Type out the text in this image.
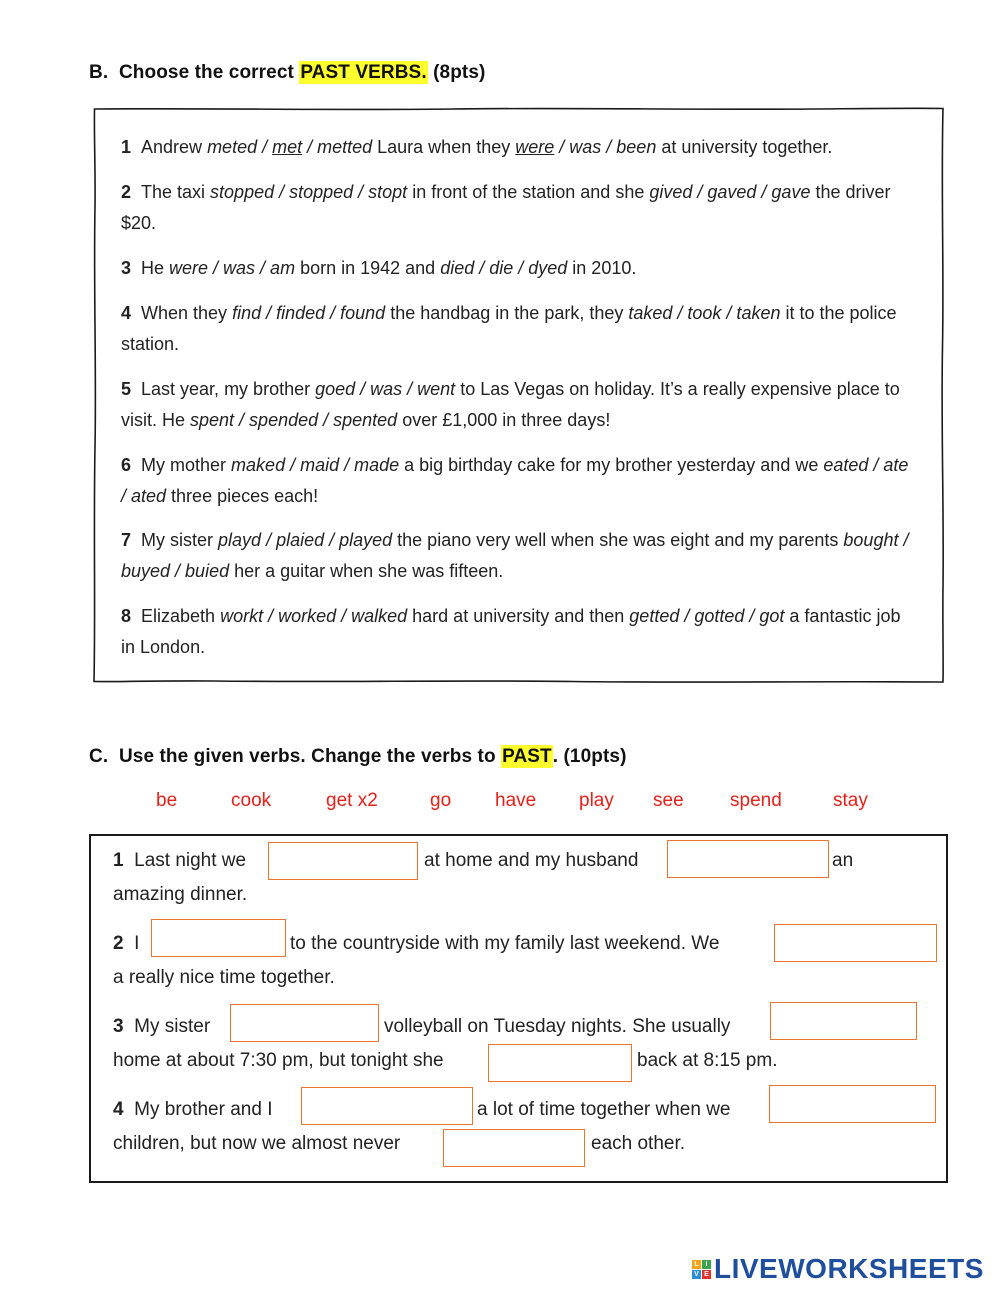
B. Choose the correct PAST VERBS. (8pts)
1 Andrew meted / met / metted Laura when they were / was / been at university together.
2 The taxi stopped / stopped / stopt in front of the station and she gived / gaved / gave the driver $20.
3 He were / was / am born in 1942 and died / die / dyed in 2010.
4 When they find / finded / found the handbag in the park, they taked / took / taken it to the police station.
5 Last year, my brother goed / was / went to Las Vegas on holiday. It’s a really expensive place to visit. He spent / spended / spented over £1,000 in three days!
6 My mother maked / maid / made a big birthday cake for my brother yesterday and we eated / ate / ated three pieces each!
7 My sister playd / plaied / played the piano very well when she was eight and my parents bought / buyed / buied her a guitar when she was fifteen.
8 Elizabeth workt / worked / walked hard at university and then getted / gotted / got a fantastic job in London.
C. Use the given verbs. Change the verbs to PAST. (10pts)
be	cook	get x2	go have play see spend	stay
1 Last night we	at home and my husband	an
amazing dinner.
2 I	to the countryside with my family last weekend. We
a really nice time together.
3 My sister	volleyball on Tuesday nights. She usually
home at about 7:30 pm, but tonight she	back at 8:15 pm.
4 My brother and I	a lot of time together when we
children, but now we almost never	each other.
L I
V E LIVEWORKSHEETS
